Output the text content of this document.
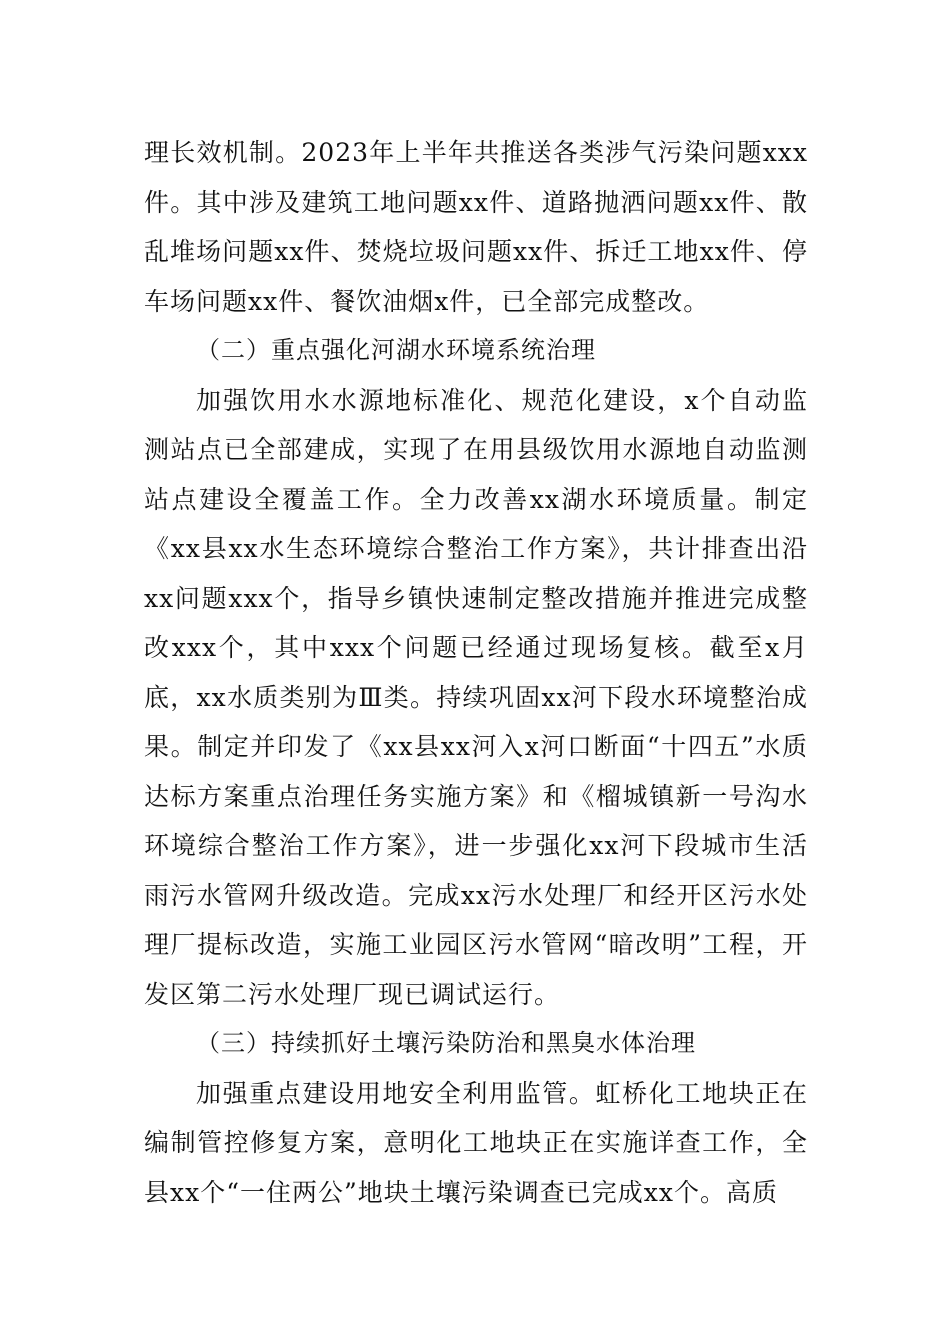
理长效机制。2023年上半年共推送各类涉气污染问题xxx件。其中涉及建筑工地问题xx件、道路抛洒问题xx件、散乱堆场问题xx件、焚烧垃圾问题xx件、拆迁工地xx件、停车场问题xx件、餐饮油烟x件，已全部完成整改。

（二）重点强化河湖水环境系统治理

加强饮用水水源地标准化、规范化建设，x个自动监测站点已全部建成，实现了在用县级饮用水源地自动监测站点建设全覆盖工作。全力改善xx湖水环境质量。制定《xx县xx水生态环境综合整治工作方案》，共计排查出沿xx问题xxx个，指导乡镇快速制定整改措施并推进完成整改xxx个，其中xxx个问题已经通过现场复核。截至x月底，xx水质类别为Ⅲ类。持续巩固xx河下段水环境整治成果。制定并印发了《xx县xx河入x河口断面“十四五”水质达标方案重点治理任务实施方案》和《榴城镇新一号沟水环境综合整治工作方案》，进一步强化xx河下段城市生活雨污水管网升级改造。完成xx污水处理厂和经开区污水处理厂提标改造，实施工业园区污水管网“暗改明”工程，开发区第二污水处理厂现已调试运行。

（三）持续抓好土壤污染防治和黑臭水体治理

加强重点建设用地安全利用监管。虹桥化工地块正在编制管控修复方案，意明化工地块正在实施详查工作，全县xx个“一住两公”地块土壤污染调查已完成xx个。高质
